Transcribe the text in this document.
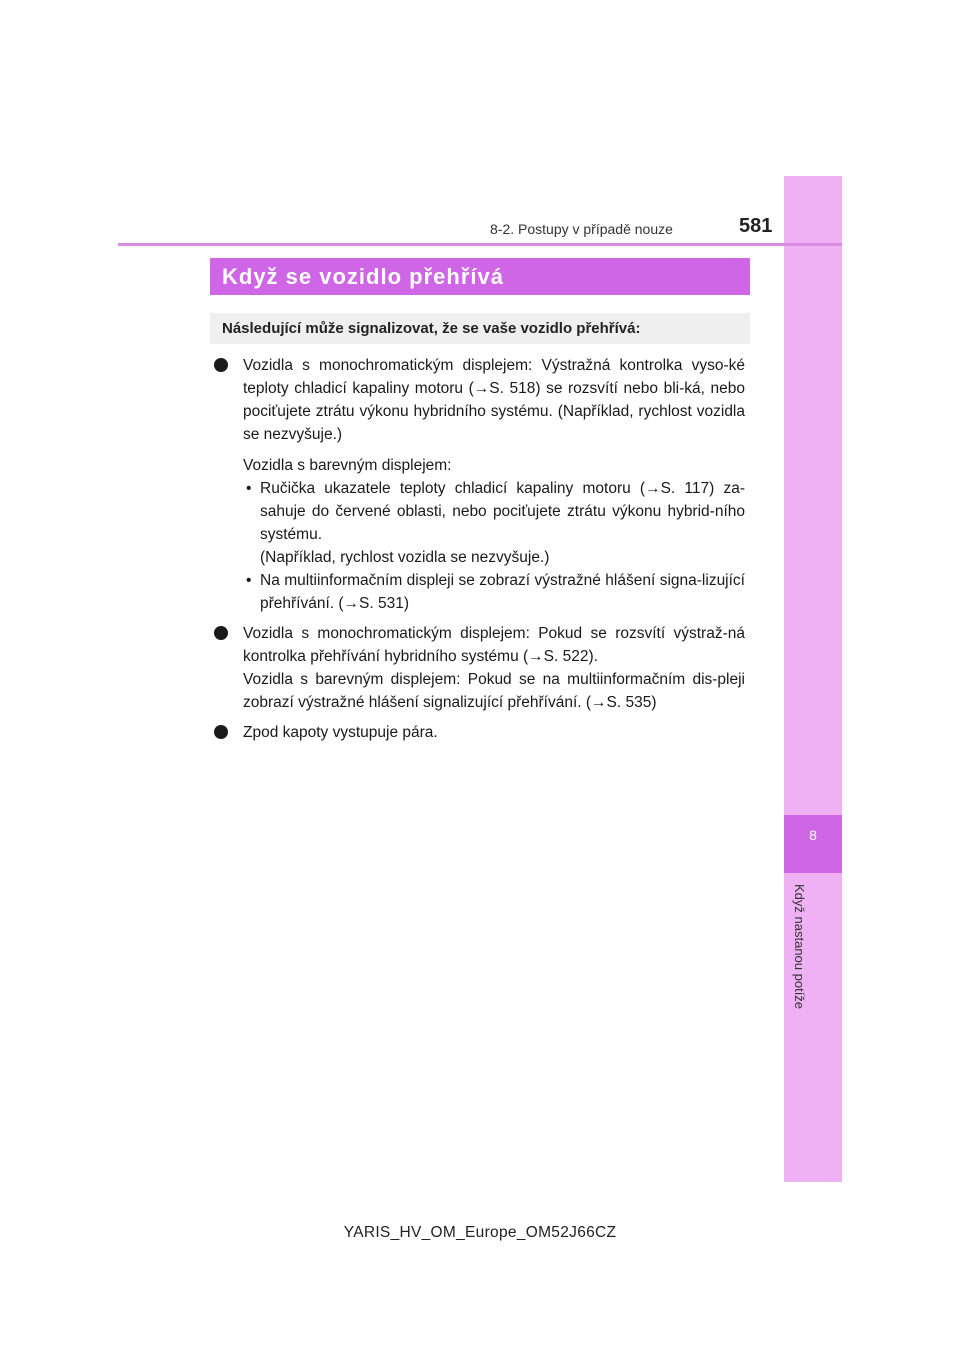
8
Když nastanou potíže
8-2. Postupy v případě nouze	581
Když se vozidlo přehřívá
Následující může signalizovat, že se vaše vozidlo přehřívá:

Vozidla s monochromatickým displejem: Výstražná kontrolka vyso-ké teploty chladicí kapaliny motoru (→S. 518) se rozsvítí nebo bli-ká, nebo pociťujete ztrátu výkonu hybridního systému. (Například, rychlost vozidla se nezvyšuje.)

Vozidla s barevným displejem:

• Ručička ukazatele teploty chladicí kapaliny motoru (→S. 117) za-sahuje do červené oblasti, nebo pociťujete ztrátu výkonu hybrid-ního systému.

(Například, rychlost vozidla se nezvyšuje.)

• Na multiinformačním displeji se zobrazí výstražné hlášení signa-lizující přehřívání. (→S. 531)

Vozidla s monochromatickým displejem: Pokud se rozsvítí výstraž-ná kontrolka přehřívání hybridního systému (→S. 522).

Vozidla s barevným displejem: Pokud se na multiinformačním dis-pleji zobrazí výstražné hlášení signalizující přehřívání. (→S. 535)

Zpod kapoty vystupuje pára.

YARIS_HV_OM_Europe_OM52J66CZ
